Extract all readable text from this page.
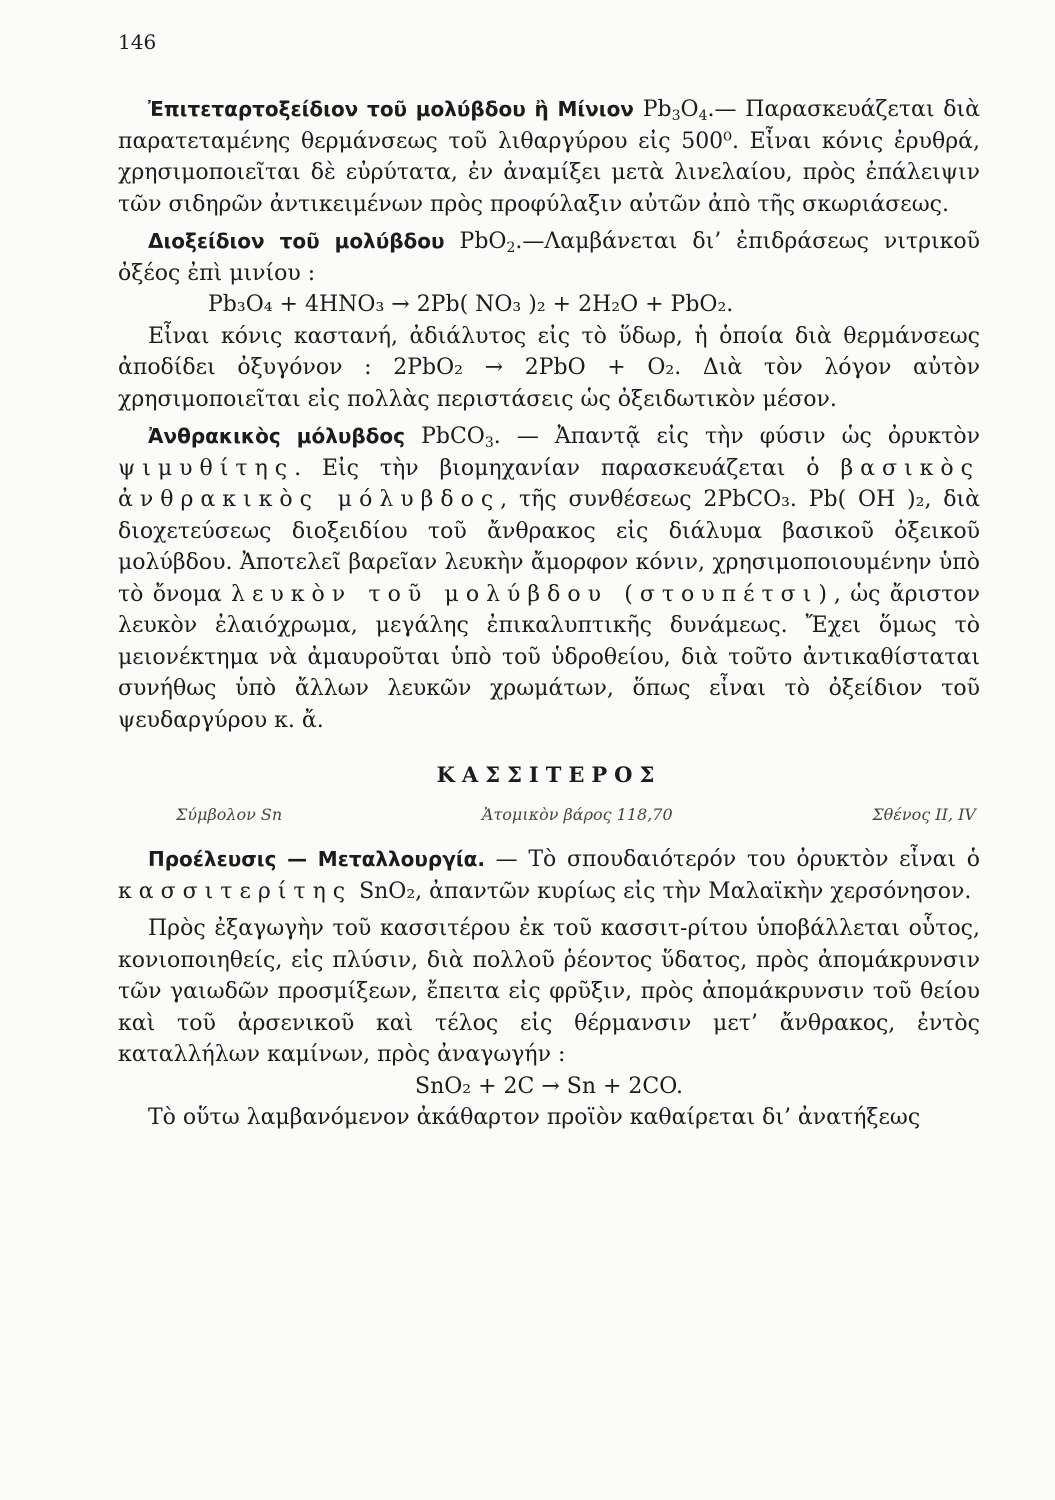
146

Ἐπιτεταρτοξείδιον τοῦ μολύβδου ἢ Μίνιον $Pb_3O_4.—$ Παρασκευάζεται διὰ παρατεταμένης θερμάνσεως τοῦ λιθαργύρου εἰς 500⁰. Εἶναι κόνις ἐρυθρά, χρησιμοποιεῖται δὲ εὐρύτατα, ἐν ἀναμίξει μετὰ λινελαίου, πρὸς ἐπάλειψιν τῶν σιδηρῶν ἀντικειμένων πρὸς προφύλαξιν αὐτῶν ἀπὸ τῆς σκωριάσεως.

Διοξείδιον τοῦ μολύβδου PbO$_2$.—Λαμβάνεται δι’ ἐπιδράσεως νιτρικοῦ ὀξέος ἐπὶ μινίου :

Pb₃O₄ + 4HNO₃ → 2Pb( NO₃ )₂ + 2H₂O + PbO₂.

Εἶναι κόνις καστανή, ἀδιάλυτος εἰς τὸ ὕδωρ, ἡ ὁποία διὰ θερμάνσεως ἀποδίδει ὀξυγόνον : 2PbO₂ → 2PbO + O₂. Διὰ τὸν λόγον αὐτὸν χρησιμοποιεῖται εἰς πολλὰς περιστάσεις ὡς ὀξειδωτικὸν μέσον.

Ἀνθρακικὸς μόλυβδος PbCO$_3$. — Ἀπαντᾷ εἰς τὴν φύσιν ὡς ὀρυκτὸν ψιμυθίτης. Εἰς τὴν βιομηχανίαν παρασκευάζεται ὁ βασικὸς ἀνθρακικὸς μόλυβδος, τῆς συνθέσεως 2PbCO₃. Pb( OH )₂, διὰ διοχετεύσεως διοξειδίου τοῦ ἄνθρακος εἰς διάλυμα βασικοῦ ὀξεικοῦ μολύβδου. Ἀποτελεῖ βαρεῖαν λευκὴν ἄμορφον κόνιν, χρησιμοποιουμένην ὑπὸ τὸ ὄνομα λευκὸν τοῦ μολύβδου (στουπέτσι), ὡς ἄριστον λευκὸν ἐλαιόχρωμα, μεγάλης ἐπικαλυπτικῆς δυνάμεως. Ἔχει ὅμως τὸ μειονέκτημα νὰ ἀμαυροῦται ὑπὸ τοῦ ὑδροθείου, διὰ τοῦτο ἀντικαθίσταται συνήθως ὑπὸ ἄλλων λευκῶν χρωμάτων, ὅπως εἶναι τὸ ὀξείδιον τοῦ ψευδαργύρου κ. ἄ.

ΚΑΣΣΙΤΕΡΟΣ
Σύμβολον Sn	Ἀτομικὸν βάρος 118,70	Σθένος II, IV

Προέλευσις — Μεταλλουργία. — Τὸ σπουδαιότερόν του ὀρυκτὸν εἶναι ὁ κασσιτερίτης SnO₂, ἀπαντῶν κυρίως εἰς τὴν Μαλαϊκὴν χερσόνησον.

Πρὸς ἐξαγωγὴν τοῦ κασσιτέρου ἐκ τοῦ κασσιτ-ρίτου ὑποβάλλεται οὗτος, κονιοποιηθείς, εἰς πλύσιν, διὰ πολλοῦ ῥέοντος ὕδατος, πρὸς ἀπομάκρυνσιν τῶν γαιωδῶν προσμίξεων, ἔπειτα εἰς φρῦξιν, πρὸς ἀπομάκρυνσιν τοῦ θείου καὶ τοῦ ἀρσενικοῦ καὶ τέλος εἰς θέρμανσιν μετ’ ἄνθρακος, ἐντὸς καταλλήλων καμίνων, πρὸς ἀναγωγήν :

SnO₂ + 2C → Sn + 2CO.

Τὸ οὕτω λαμβανόμενον ἀκάθαρτον προϊὸν καθαίρεται δι’ ἀνατήξεως
